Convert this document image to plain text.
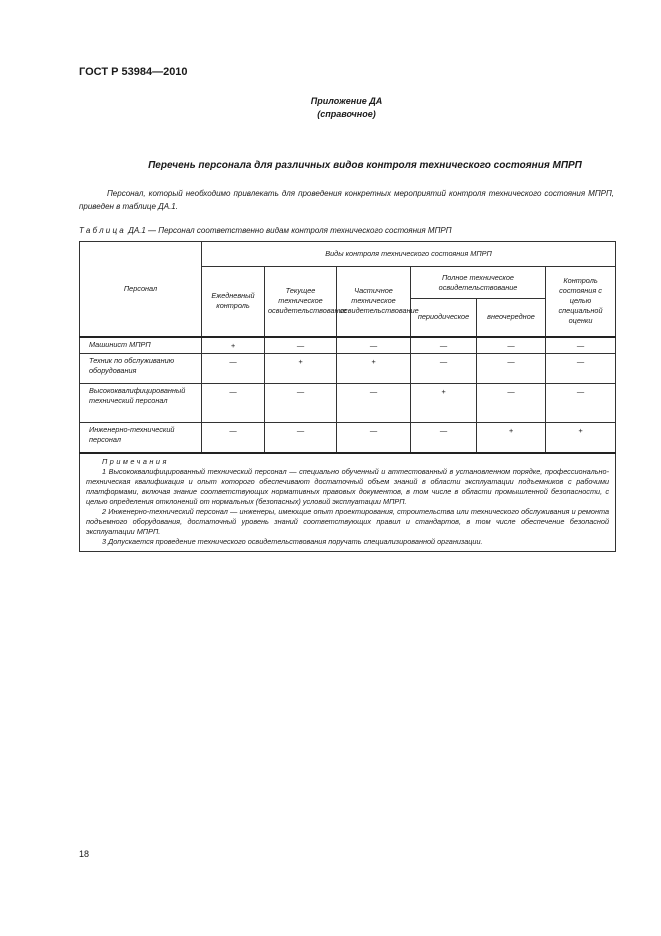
ГОСТ Р 53984—2010
Приложение ДА
(справочное)
Перечень персонала для различных видов контроля технического состояния МПРП
Персонал, который необходимо привлекать для проведения конкретных мероприятий контроля технического состояния МПРП, приведен в таблице ДА.1.
Таблица ДА.1 — Персонал соответственно видам контроля технического состояния МПРП
Персонал	Виды контроля технического состояния МПРП					
	Ежедневный контроль	Текущее техническое освидетельствование	Частичное техническое освидетельствование	Полное техническое освидетельствование		Контроль состояния с целью специальной оценки
				периодическое	внеочередное	
Машинист МПРП	+	—	—	—	—	—
Техник по обслуживанию оборудования	—	+	+	—	—	—
Высококвалифицированный технический персонал	—	—	—	+	—	—
Инженерно-технический персонал	—	—	—	—	+	+

Примечания
1 Высококвалифицированный технический персонал — специально обученный и аттестованный в установленном порядке, профессионально-техническая квалификация и опыт которого обеспечивают достаточный объем знаний в области эксплуатации подъемников с рабочими платформами, включая знание соответствующих нормативных правовых документов, в том числе в области промышленной безопасности, с целью определения отклонений от нормальных (безопасных) условий эксплуатации МПРП.
2 Инженерно-технический персонал — инженеры, имеющие опыт проектирования, строительства или технического обслуживания и ремонта подъемного оборудования, достаточный уровень знаний соответствующих правил и стандартов, в том числе обеспечение безопасной эксплуатации МПРП.
3 Допускается проведение технического освидетельствования поручать специализированной организации.						
18
